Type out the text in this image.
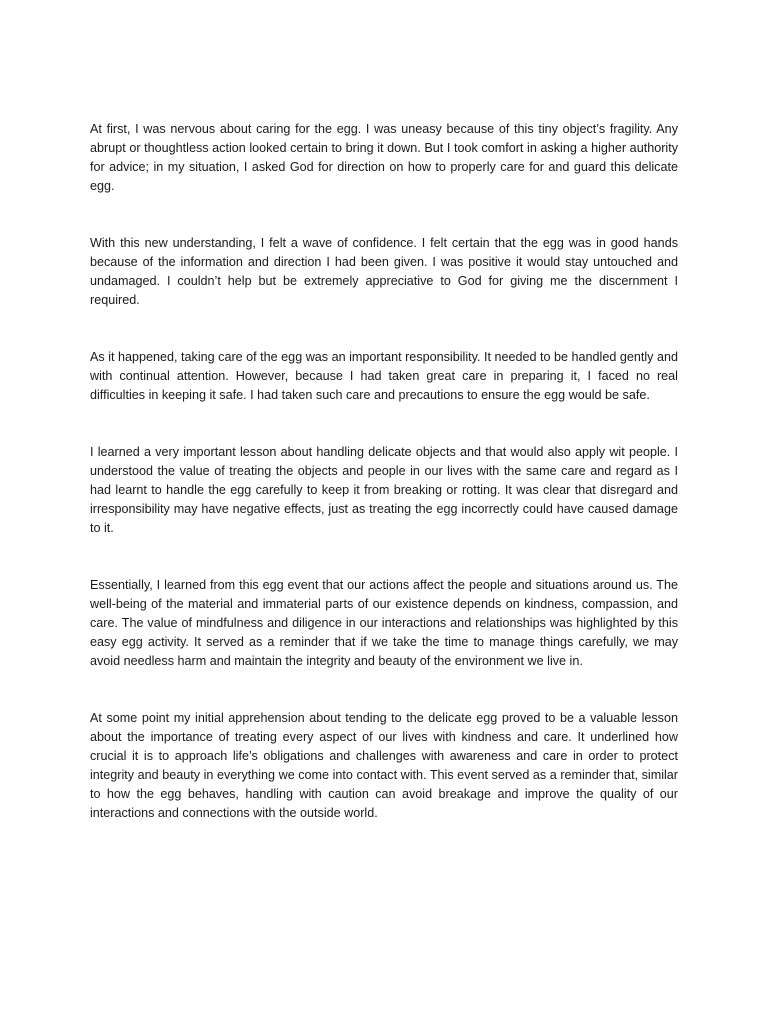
At first, I was nervous about caring for the egg. I was uneasy because of this tiny object’s fragility. Any abrupt or thoughtless action looked certain to bring it down. But I took comfort in asking a higher authority for advice; in my situation, I asked God for direction on how to properly care for and guard this delicate egg.

With this new understanding, I felt a wave of confidence. I felt certain that the egg was in good hands because of the information and direction I had been given. I was positive it would stay untouched and undamaged. I couldn’t help but be extremely appreciative to God for giving me the discernment I required.

As it happened, taking care of the egg was an important responsibility. It needed to be handled gently and with continual attention. However, because I had taken great care in preparing it, I faced no real difficulties in keeping it safe. I had taken such care and precautions to ensure the egg would be safe.

I learned a very important lesson about handling delicate objects and that would also apply wit people. I understood the value of treating the objects and people in our lives with the same care and regard as I had learnt to handle the egg carefully to keep it from breaking or rotting. It was clear that disregard and irresponsibility may have negative effects, just as treating the egg incorrectly could have caused damage to it.

Essentially, I learned from this egg event that our actions affect the people and situations around us. The well-being of the material and immaterial parts of our existence depends on kindness, compassion, and care. The value of mindfulness and diligence in our interactions and relationships was highlighted by this easy egg activity. It served as a reminder that if we take the time to manage things carefully, we may avoid needless harm and maintain the integrity and beauty of the environment we live in.

At some point my initial apprehension about tending to the delicate egg proved to be a valuable lesson about the importance of treating every aspect of our lives with kindness and care. It underlined how crucial it is to approach life’s obligations and challenges with awareness and care in order to protect integrity and beauty in everything we come into contact with. This event served as a reminder that, similar to how the egg behaves, handling with caution can avoid breakage and improve the quality of our interactions and connections with the outside world.
